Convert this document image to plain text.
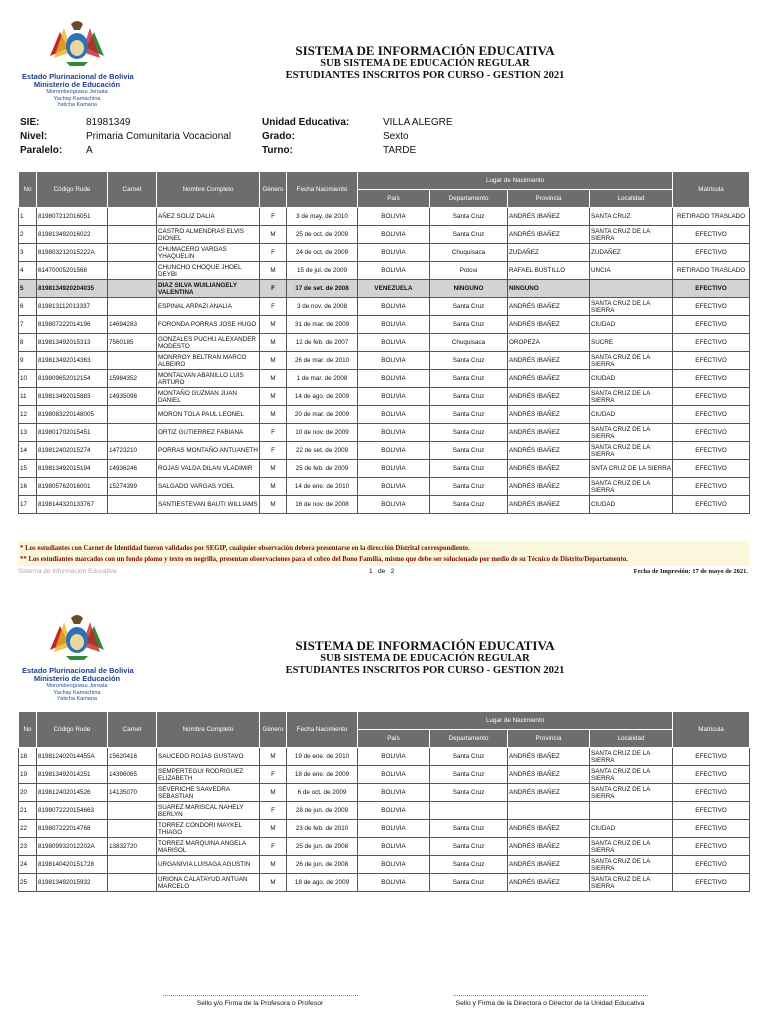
Estado Plurinacional de Bolivia
Ministerio de Educación
Morombeoguasu Jeroata
Yachay Kamachina
Yaticha Kamana
SISTEMA DE INFORMACIÓN EDUCATIVA
SUB SISTEMA DE EDUCACIÓN REGULAR
ESTUDIANTES INSCRITOS POR CURSO - GESTION 2021
SIE:	81981349	Unidad Educativa:	VILLA ALEGRE
Nivel:	Primaria Comunitaria Vocacional	Grado:	Sexto
Paralelo: A	Turno:	TARDE
No	Código Rude	Carnet	Nombre Completo	Género	Fecha Nacimiento	Lugar de Nacimiento				Matricula
						País	Departamento	Provincia	Localidad	
1	819807212016051		AÑEZ SOLIZ DALIA	F	3 de may. de 2010	BOLIVIA	Santa Cruz	ANDRÉS IBAÑEZ	SANTA CRUZ	RETIRADO TRASLADO
2	819813492016022		CASTRO ALMENDRAS ELVIS DIONEL	M	25 de oct. de 2009	BOLIVIA	Santa Cruz	ANDRÉS IBAÑEZ	SANTA CRUZ DE LA SIERRA	EFECTIVO
3	81980321201522​2A		CHUMACERO VARGAS YHAQUELIN	F	24 de oct. de 2009	BOLIVIA	Chuquisaca	ZUDAÑEZ	ZUDAÑEZ	EFECTIVO
4	61470005201568		CHUNCHO CHOQUE JHOEL DEYBI	M	15 de jul. de 2009	BOLIVIA	Potosi	RAFAEL BUSTILLO	UNCIA	RETIRADO TRASLADO
5	8198134920204035		DIAZ SILVA WUILIANGELY VALENTINA	F	17 de set. de 2008	VENEZUELA	NINGUNO	NINGUNO		EFECTIVO
6	819813112013337		ESPINAL ARPAZI ANALIA	F	3 de nov. de 2008	BOLIVIA	Santa Cruz	ANDRÉS IBAÑEZ	SANTA CRUZ DE LA SIERRA	EFECTIVO
7	819807222014196	14694283	FORONDA PORRAS JOSE HUGO	M	31 de mar. de 2009	BOLIVIA	Santa Cruz	ANDRÉS IBAÑEZ	CIUDAD	EFECTIVO
8	819813492015313	7560185	GONZALES PUCHU ALEXANDER MODESTO	M	12 de feb. de 2007	BOLIVIA	Chuquisaca	OROPEZA	SUCRE	EFECTIVO
9	819813492014363		MONRROY BELTRAN MARCO ALBEIRO	M	26 de mar. de 2010	BOLIVIA	Santa Cruz	ANDRÉS IBAÑEZ	SANTA CRUZ DE LA SIERRA	EFECTIVO
10	819809652012154	15984352	MONTALVAN ABANILLO LUIS ARTURO	M	1 de mar. de 2008	BOLIVIA	Santa Cruz	ANDRÉS IBAÑEZ	CIUDAD	EFECTIVO
11	819813492015883	14935098	MONTAÑO GUZMAN JUAN DANIEL	M	14 de ago. de 2009	BOLIVIA	Santa Cruz	ANDRÉS IBAÑEZ	SANTA CRUZ DE LA SIERRA	EFECTIVO
12	819808322014800​5		MORON TOLA PAUL LEONEL	M	20 de mar. de 2009	BOLIVIA	Santa Cruz	ANDRÉS IBAÑEZ	CIUDAD	EFECTIVO
13	819801702015451		ORTIZ GUTIERREZ FABIANA	F	10 de nov. de 2009	BOLIVIA	Santa Cruz	ANDRÉS IBAÑEZ	SANTA CRUZ DE LA SIERRA	EFECTIVO
14	819812402015274	14723210	PORRAS MONTAÑO ANTUANETH	F	22 de set. de 2009	BOLIVIA	Santa Cruz	ANDRÉS IBAÑEZ	SANTA CRUZ DE LA SIERRA	EFECTIVO
15	819813492015194	14936246	ROJAS VALDA DILAN VLADIMIR	M	25 de feb. de 2009	BOLIVIA	Santa Cruz	ANDRÉS IBAÑEZ	SNTA CRUZ DE LA SIERRA	EFECTIVO
16	819805762016001	15274399	SALGADO VARGAS YOEL	M	14 de ene. de 2010	BOLIVIA	Santa Cruz	ANDRÉS IBAÑEZ	SANTA CRUZ DE LA SIERRA	EFECTIVO
17	819814432013376​7		SANTIESTEVAN BAUTI WILLIAMS	M	16 de nov. de 2008	BOLIVIA	Santa Cruz	ANDRÉS IBAÑEZ	CIUDAD	EFECTIVO
* Los estudiantes con Carnet de Identidad fueron validados por SEGIP, cualquier observación debera presentarse en la dirección Distrital correspondiente.
** Los estudiantes marcados con un fondo plomo y texto en negrilla, presentan observaciones para el cobro del Bono Familia, mismo que debe ser solucionado por medio de su Técnico de Distrito/Departamento.
Sistema de Información Educativa	1 de 2	Fecha de Impresión: 17 de mayo de 2021.
Estado Plurinacional de Bolivia
Ministerio de Educación
Morombeoguasu Jeroata
Yachay Kamachina
Yaticha Kamana
SISTEMA DE INFORMACIÓN EDUCATIVA
SUB SISTEMA DE EDUCACIÓN REGULAR
ESTUDIANTES INSCRITOS POR CURSO - GESTION 2021
No	Código Rude	Carnet	Nombre Completo	Género	Fecha Nacimiento	Lugar de Nacimiento				Matricula
						País	Departamento	Provincia	Localidad	
18	819812402014455A	15620416	SAUCEDO ROJAS GUSTAVO	M	19 de ene. de 2010	BOLIVIA	Santa Cruz	ANDRÉS IBAÑEZ	SANTA CRUZ DE LA SIERRA	EFECTIVO
19	819813492014251	14396065	SEMPERTEGUI RODRIGUEZ ELIZABETH	F	18 de ene. de 2009	BOLIVIA	Santa Cruz	ANDRÉS IBAÑEZ	SANTA CRUZ DE LA SIERRA	EFECTIVO
20	819812402014526	14135070	SEVERICHE SAAVEDRA SEBASTIAN	M	6 de oct. de 2009	BOLIVIA	Santa Cruz	ANDRÉS IBAÑEZ	SANTA CRUZ DE LA SIERRA	EFECTIVO
21	819807222015466​3		SUAREZ MARISCAL NAHELY BERLYN	F	28 de jun. de 2009	BOLIVIA				EFECTIVO
22	819807222014768		TORREZ CONDORI MAYKEL THIAGO	M	23 de feb. de 2010	BOLIVIA	Santa Cruz	ANDRÉS IBAÑEZ	CIUDAD	EFECTIVO
23	819809932012202A	13832720	TORREZ MARQUINA ANGELA MARISOL	F	25 de jun. de 2008	BOLIVIA	Santa Cruz	ANDRÉS IBAÑEZ	SANTA CRUZ DE LA SIERRA	EFECTIVO
24	819814042015172​8		URGANIVIA LUISAGA AGUSTIN	M	26 de jun. de 2008	BOLIVIA	Santa Cruz	ANDRÉS IBAÑEZ	SANTA CRUZ DE LA SIERRA	EFECTIVO
25	819813492015932		URIONA CALATAYUD ANTUAN MARCELO	M	18 de ago. de 2009	BOLIVIA	Santa Cruz	ANDRÉS IBAÑEZ	SANTA CRUZ DE LA SIERRA	EFECTIVO
Sello y/o Firma de la Profesora o Profesor	Sello y Firma de la Directora o Director de la Unidad Educativa
